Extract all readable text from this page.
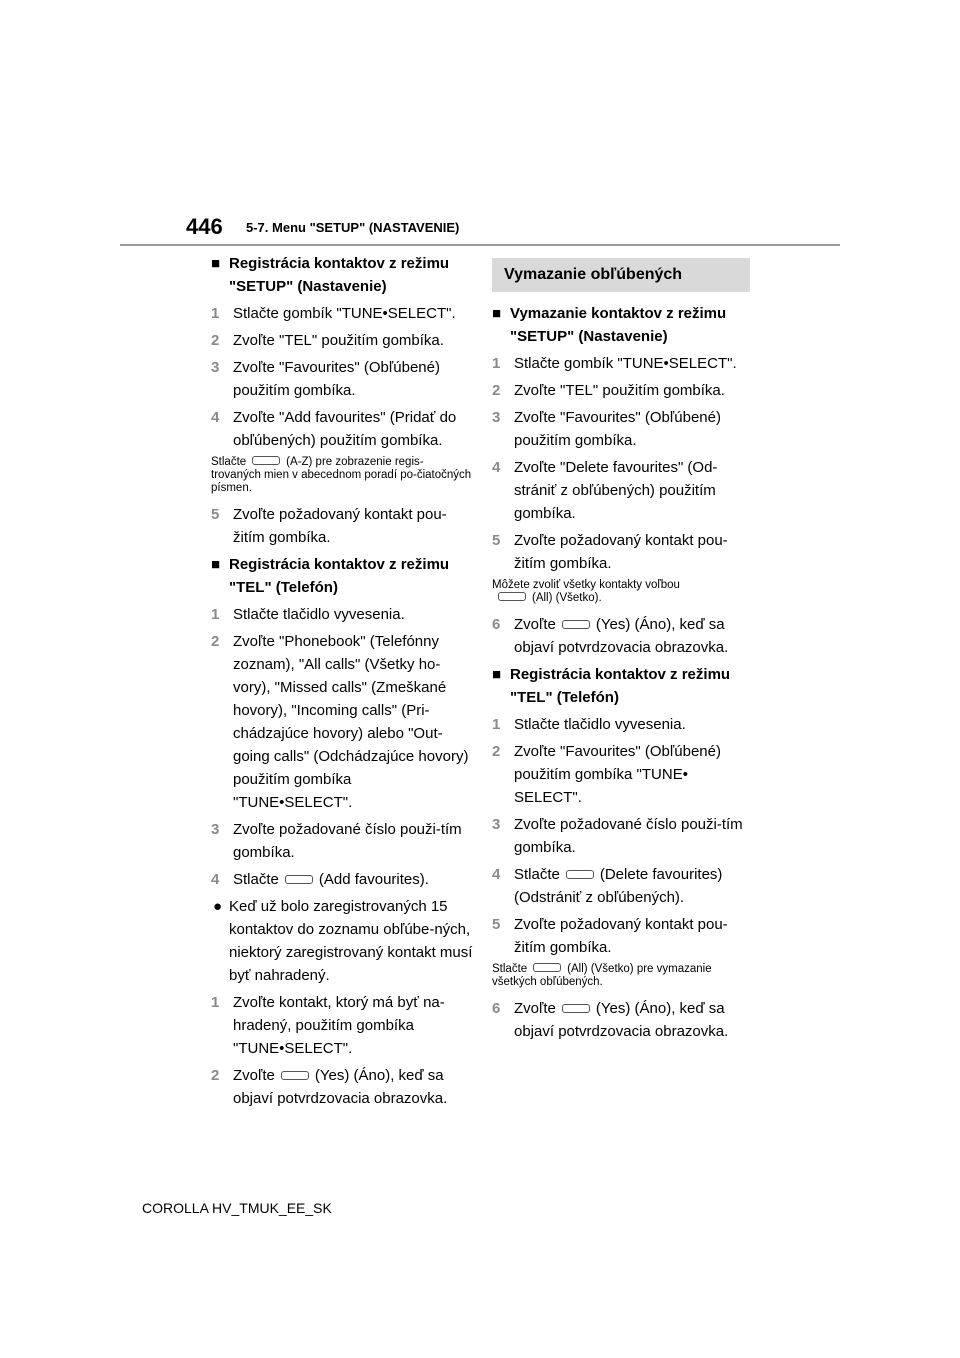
446 5-7. Menu "SETUP" (NASTAVENIE)
■ Registrácia kontaktov z režimu "SETUP" (Nastavenie)
1 Stlačte gombík "TUNE•SELECT".
2 Zvoľte "TEL" použitím gombíka.
3 Zvoľte "Favourites" (Obľúbené) použitím gombíka.
4 Zvoľte "Add favourites" (Pridať do obľúbených) použitím gombíka.
Stlačte	(A-Z) pre zobrazenie regis-trovaných mien v abecednom poradí po-čiatočných písmen.
5 Zvoľte požadovaný kontakt pou-žitím gombíka.
■ Registrácia kontaktov z režimu "TEL" (Telefón)
1 Stlačte tlačidlo vyvesenia.
2 Zvoľte "Phonebook" (Telefónny zoznam), "All calls" (Všetky ho-vory), "Missed calls" (Zmeškané hovory), "Incoming calls" (Pri-chádzajúce hovory) alebo "Out-going calls" (Odchádzajúce hovory) použitím gombíka "TUNE•SELECT".
3 Zvoľte požadované číslo použi-tím gombíka.
4 Stlačte	(Add favourites).
● Keď už bolo zaregistrovaných 15 kontaktov do zoznamu obľúbe-ných, niektorý zaregistrovaný kontakt musí byť nahradený.
1 Zvoľte kontakt, ktorý má byť na-hradený, použitím gombíka "TUNE•SELECT".
2 Zvoľte	(Yes) (Áno), keď sa objaví potvrdzovacia obrazovka.
Vymazanie obľúbených
■ Vymazanie kontaktov z režimu "SETUP" (Nastavenie)
1 Stlačte gombík "TUNE•SELECT".
2 Zvoľte "TEL" použitím gombíka.
3 Zvoľte "Favourites" (Obľúbené) použitím gombíka.
4 Zvoľte "Delete favourites" (Od-strániť z obľúbených) použitím gombíka.
5 Zvoľte požadovaný kontakt pou-žitím gombíka.
Môžete zvoliť všetky kontakty voľbou
(All) (Všetko).
6 Zvoľte	(Yes) (Áno), keď sa objaví potvrdzovacia obrazovka.
■ Registrácia kontaktov z režimu "TEL" (Telefón)
1 Stlačte tlačidlo vyvesenia.
2 Zvoľte "Favourites" (Obľúbené) použitím gombíka "TUNE• SELECT".
3 Zvoľte požadované číslo použi-tím gombíka.
4 Stlačte	(Delete favourites) (Odstrániť z obľúbených).
5 Zvoľte požadovaný kontakt pou-žitím gombíka.
Stlačte	(All) (Všetko) pre vymazanie všetkých obľúbených.
6 Zvoľte	(Yes) (Áno), keď sa objaví potvrdzovacia obrazovka.
COROLLA HV_TMUK_EE_SK
